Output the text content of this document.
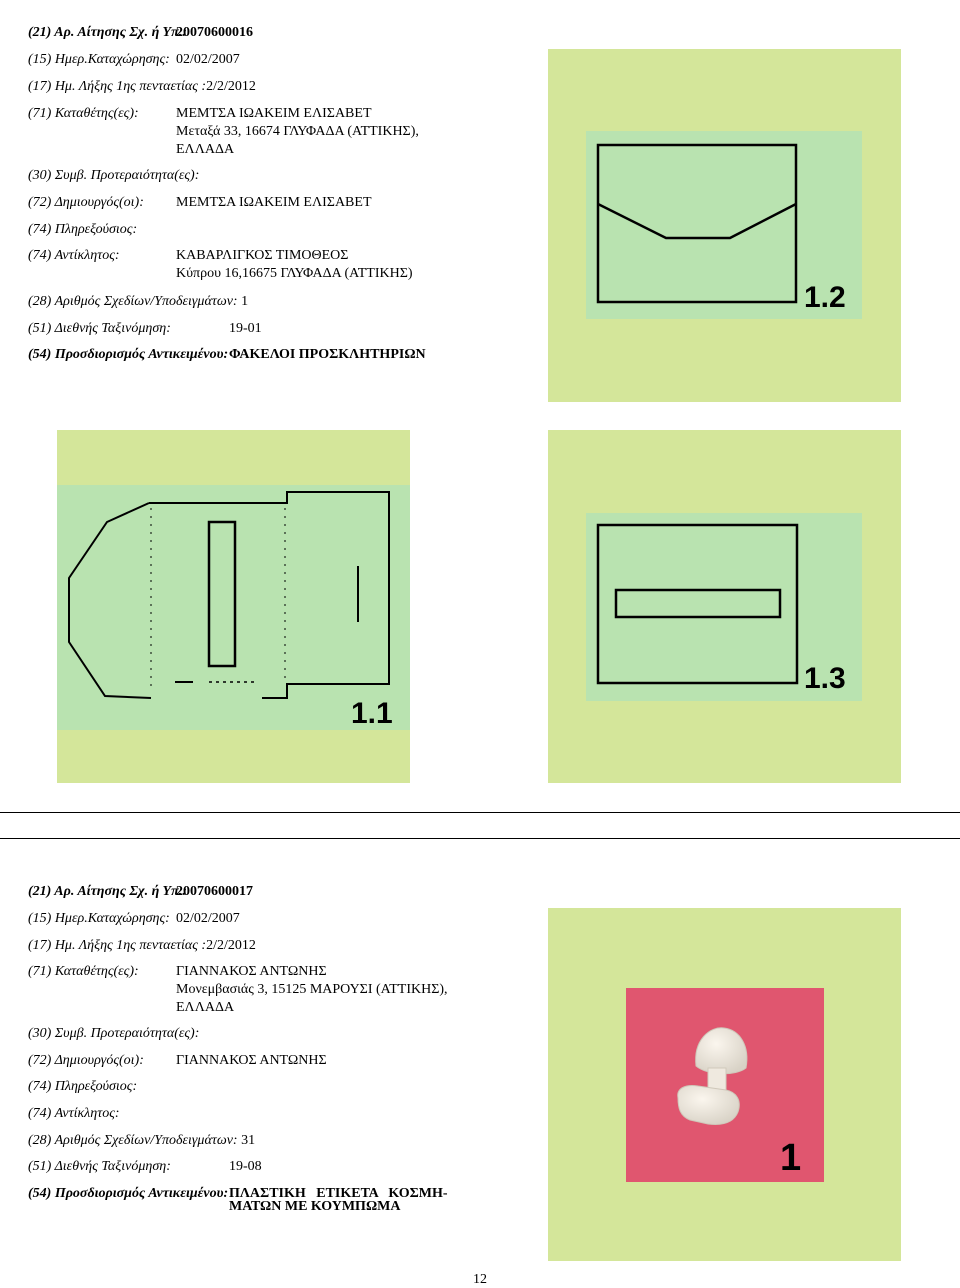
(21) Αρ. Αίτησης Σχ. ή Υπ.:
20070600016
(15) Ημερ.Καταχώρησης: 02/02/2007
(17) Ημ. Λήξης 1ης πενταετίας :2/2/2012
(71) Καταθέτης(ες):	ΜΕΜΤΣΑ ΙΩΑΚΕΙΜ ΕΛΙΣΑΒΕΤ
Μεταξά 33, 16674 ΓΛΥΦΑΔΑ (ΑΤΤΙΚΗΣ),
ΕΛΛΑΔΑ
(30) Συμβ. Προτεραιότητα(ες):
(72) Δημιουργός(οι): ΜΕΜΤΣΑ ΙΩΑΚΕΙΜ ΕΛΙΣΑΒΕΤ
(74) Πληρεξούσιος:
(74) Αντίκλητος:	ΚΑΒΑΡΛΙΓΚΟΣ ΤΙΜΟΘΕΟΣ
Κύπρου 16,16675 ΓΛΥΦΑΔΑ (ΑΤΤΙΚΗΣ)
(28) Αριθμός Σχεδίων/Υποδειγμάτων: 1
(51) Διεθνής Ταξινόμηση:	19-01
(54) Προσδιορισμός Αντικειμένου: ΦΑΚΕΛΟΙ ΠΡΟΣΚΛΗΤΗΡΙΩΝ
1.2
1.1
1.3
(21) Αρ. Αίτησης Σχ. ή Υπ.:
20070600017
(15) Ημερ.Καταχώρησης: 02/02/2007
(17) Ημ. Λήξης 1ης πενταετίας :2/2/2012
(71) Καταθέτης(ες):	ΓΙΑΝΝΑΚΟΣ ΑΝΤΩΝΗΣ
Μονεμβασιάς 3, 15125 ΜΑΡΟΥΣΙ (ΑΤΤΙΚΗΣ),
ΕΛΛΑΔΑ
(30) Συμβ. Προτεραιότητα(ες):
(72) Δημιουργός(οι): ΓΙΑΝΝΑΚΟΣ ΑΝΤΩΝΗΣ
(74) Πληρεξούσιος:
(74) Αντίκλητος:
(28) Αριθμός Σχεδίων/Υποδειγμάτων: 31
(51) Διεθνής Ταξινόμηση:	19-08
(54) Προσδιορισμός Αντικειμένου: ΠΛΑΣΤΙΚΗ   ΕΤΙΚΕΤΑ   ΚΟΣΜΗ-
ΜΑΤΩΝ ΜΕ ΚΟΥΜΠΩΜΑ
1
12
